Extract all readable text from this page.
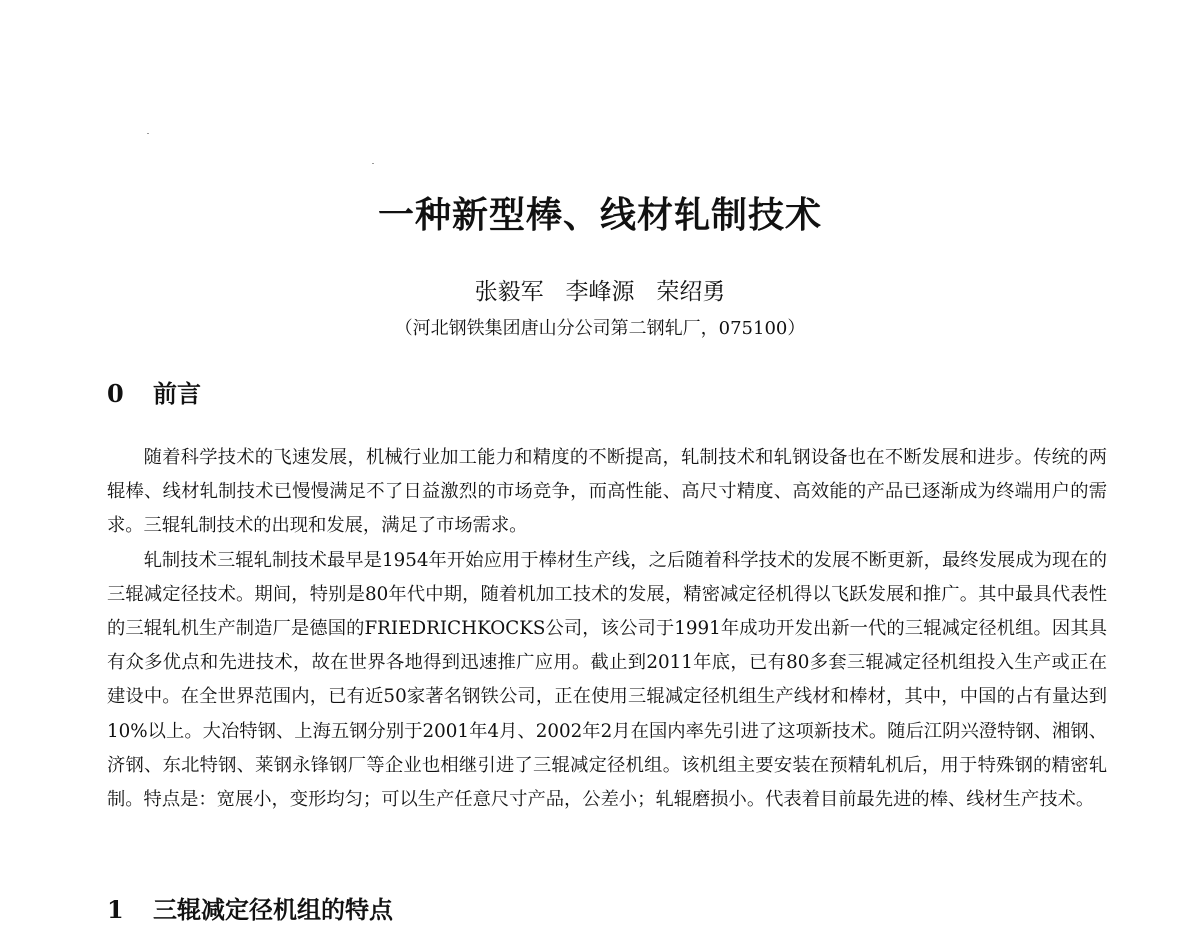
一种新型棒、线材轧制技术
张毅军   李峰源   荣绍勇
（河北钢铁集团唐山分公司第二钢轧厂，075100）
0 前言

随着科学技术的飞速发展，机械行业加工能力和精度的不断提高，轧制技术和轧钢设备也在不断发展和进步。传统的两辊棒、线材轧制技术已慢慢满足不了日益激烈的市场竞争，而高性能、高尺寸精度、高效能的产品已逐渐成为终端用户的需求。三辊轧制技术的出现和发展，满足了市场需求。

轧制技术三辊轧制技术最早是1954年开始应用于棒材生产线，之后随着科学技术的发展不断更新，最终发展成为现在的三辊减定径技术。期间，特别是80年代中期，随着机加工技术的发展，精密减定径机得以飞跃发展和推广。其中最具代表性的三辊轧机生产制造厂是德国的FRIEDRICHKOCKS公司，该公司于1991年成功开发出新一代的三辊减定径机组。因其具有众多优点和先进技术，故在世界各地得到迅速推广应用。截止到2011年底，已有80多套三辊减定径机组投入生产或正在建设中。在全世界范围内，已有近50家著名钢铁公司，正在使用三辊减定径机组生产线材和棒材，其中，中国的占有量达到10%以上。大冶特钢、上海五钢分别于2001年4月、2002年2月在国内率先引进了这项新技术。随后江阴兴澄特钢、湘钢、济钢、东北特钢、莱钢永锋钢厂等企业也相继引进了三辊减定径机组。该机组主要安装在预精轧机后，用于特殊钢的精密轧制。特点是：宽展小，变形均匀；可以生产任意尺寸产品，公差小；轧辊磨损小。代表着目前最先进的棒、线材生产技术。

1 三辊减定径机组的特点
